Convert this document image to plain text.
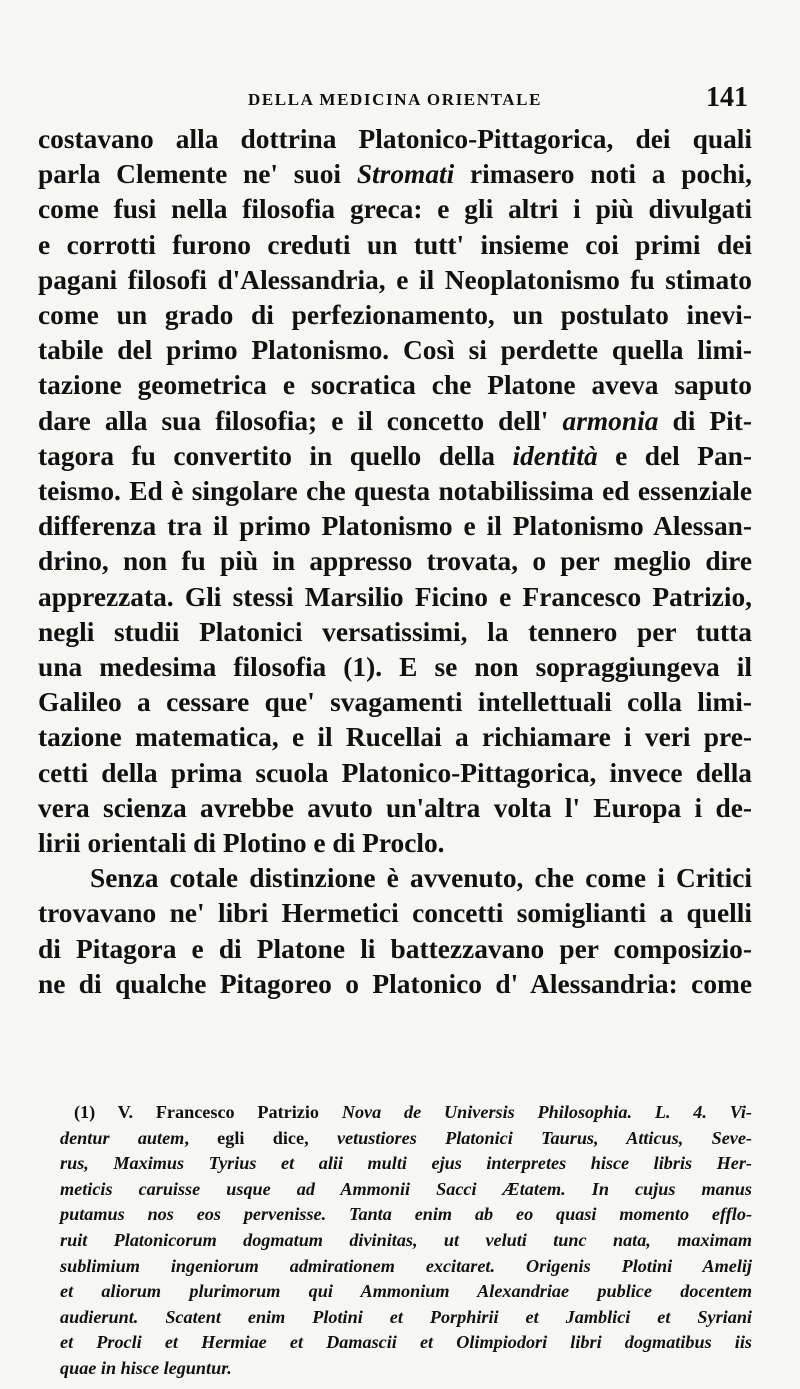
DELLA MEDICINA ORIENTALE	141
costavano alla dottrina Platonico-Pittagorica, dei quali
parla Clemente ne' suoi Stromati rimasero noti a pochi,
come fusi nella filosofia greca: e gli altri i più divulgati
e corrotti furono creduti un tutt' insieme coi primi dei
pagani filosofi d'Alessandria, e il Neoplatonismo fu stimato
come un grado di perfezionamento, un postulato inevi-
tabile del primo Platonismo. Così si perdette quella limi-
tazione geometrica e socratica che Platone aveva saputo
dare alla sua filosofia; e il concetto dell' armonia di Pit-
tagora fu convertito in quello della identità e del Pan-
teismo. Ed è singolare che questa notabilissima ed essenziale
differenza tra il primo Platonismo e il Platonismo Alessan-
drino, non fu più in appresso trovata, o per meglio dire
apprezzata. Gli stessi Marsilio Ficino e Francesco Patrizio,
negli studii Platonici versatissimi, la tennero per tutta
una medesima filosofia (1). E se non sopraggiungeva il
Galileo a cessare que' svagamenti intellettuali colla limi-
tazione matematica, e il Rucellai a richiamare i veri pre-
cetti della prima scuola Platonico-Pittagorica, invece della
vera scienza avrebbe avuto un'altra volta l' Europa i de-
lirii orientali di Plotino e di Proclo.
Senza cotale distinzione è avvenuto, che come i Critici
trovavano ne' libri Hermetici concetti somiglianti a quelli
di Pitagora e di Platone li battezzavano per composizio-
ne di qualche Pitagoreo o Platonico d' Alessandria: come
(1) V. Francesco Patrizio Nova de Universis Philosophia. L. 4. Vi-
dentur autem, egli dice, vetustiores Platonici Taurus, Atticus, Seve-
rus, Maximus Tyrius et alii multi ejus interpretes hisce libris Her-
meticis caruisse usque ad Ammonii Sacci Ætatem. In cujus manus
putamus nos eos pervenisse. Tanta enim ab eo quasi momento efflo-
ruit Platonicorum dogmatum divinitas, ut veluti tunc nata, maximam
sublimium ingeniorum admirationem excitaret. Origenis Plotini Amelij
et aliorum plurimorum qui Ammonium Alexandriae publice docentem
audierunt. Scatent enim Plotini et Porphirii et Jamblici et Syriani
et Procli et Hermiae et Damascii et Olimpiodori libri dogmatibus iis
quae in hisce leguntur.
